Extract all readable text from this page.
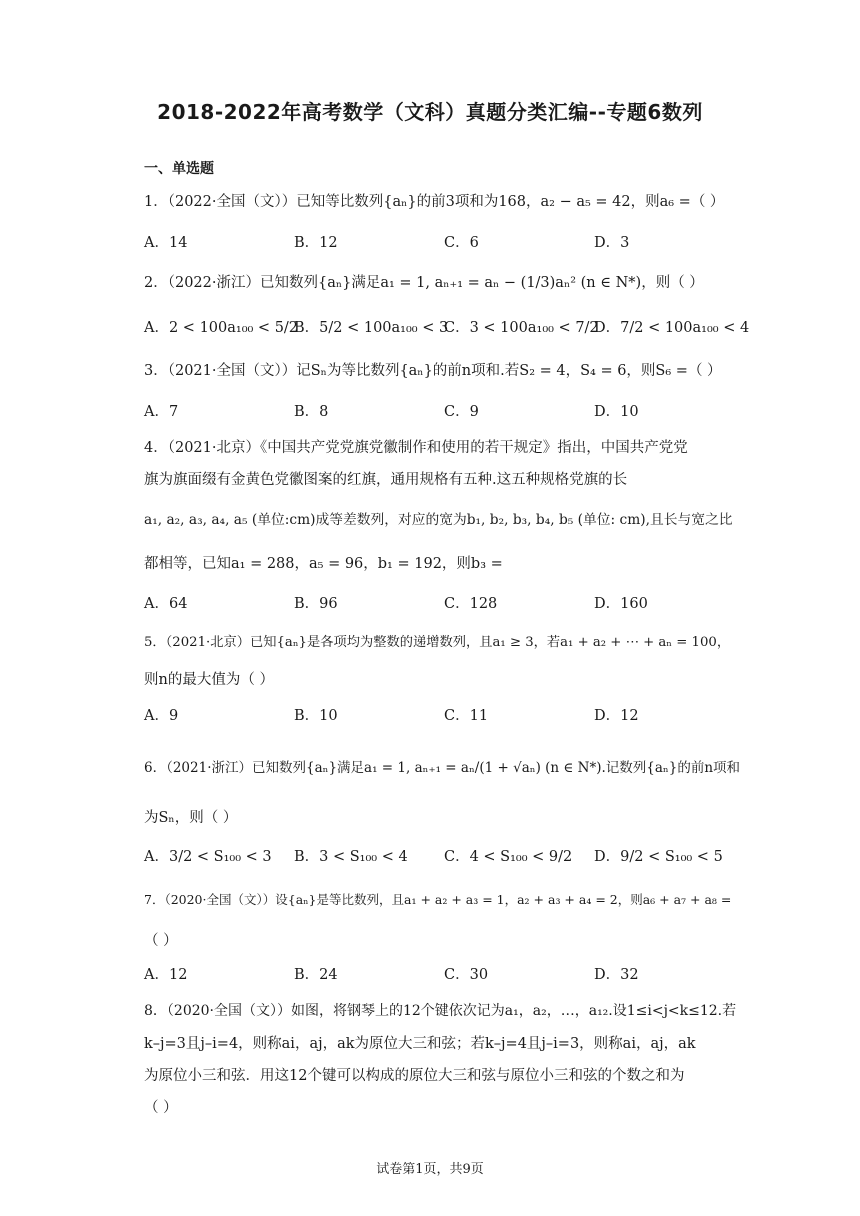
2018-2022年高考数学（文科）真题分类汇编--专题6数列
一、单选题
1．（2022·全国（文））已知等比数列{aₙ}的前3项和为168，a₂ − a₅ = 42，则a₆ =（ ）
A．14	B．12	C．6	D．3
2．（2022·浙江）已知数列{aₙ}满足a₁ = 1, aₙ₊₁ = aₙ − (1/3)aₙ² (n ∈ N*)，则（ ）
A．2 < 100a₁₀₀ < 5/2
B．5/2 < 100a₁₀₀ < 3
C．3 < 100a₁₀₀ < 7/2
D．7/2 < 100a₁₀₀ < 4
3．（2021·全国（文））记Sₙ为等比数列{aₙ}的前n项和.若S₂ = 4，S₄ = 6，则S₆ =（ ）
A．7	B．8	C．9	D．10
4．（2021·北京）《中国共产党党旗党徽制作和使用的若干规定》指出，中国共产党党
旗为旗面缀有金黄色党徽图案的红旗，通用规格有五种.这五种规格党旗的长
a₁, a₂, a₃, a₄, a₅ (单位:cm)成等差数列，对应的宽为b₁, b₂, b₃, b₄, b₅ (单位: cm),且长与宽之比
都相等，已知a₁ = 288，a₅ = 96，b₁ = 192，则b₃ =
A．64	B．96	C．128	D．160
5．（2021·北京）已知{aₙ}是各项均为整数的递增数列，且a₁ ≥ 3，若a₁ + a₂ + ⋯ + aₙ = 100，
则n的最大值为（ ）
A．9	B．10	C．11	D．12
6．（2021·浙江）已知数列{aₙ}满足a₁ = 1, aₙ₊₁ = aₙ/(1 + √aₙ) (n ∈ N*).记数列{aₙ}的前n项和
为Sₙ，则（ ）
A．3/2 < S₁₀₀ < 3 B．3 < S₁₀₀ < 4	C．4 < S₁₀₀ < 9/2 D．9/2 < S₁₀₀ < 5
7．（2020·全国（文））设{aₙ}是等比数列，且a₁ + a₂ + a₃ = 1，a₂ + a₃ + a₄ = 2，则a₆ + a₇ + a₈ =
（ ）
A．12	B．24	C．30	D．32
8．（2020·全国（文））如图，将钢琴上的12个键依次记为a₁，a₂，…，a₁₂.设1≤i<j<k≤12.若
k–j=3且j–i=4，则称ai，aj，ak为原位大三和弦；若k–j=4且j–i=3，则称ai，aj，ak
为原位小三和弦．用这12个键可以构成的原位大三和弦与原位小三和弦的个数之和为
（ ）
试卷第1页，共9页
